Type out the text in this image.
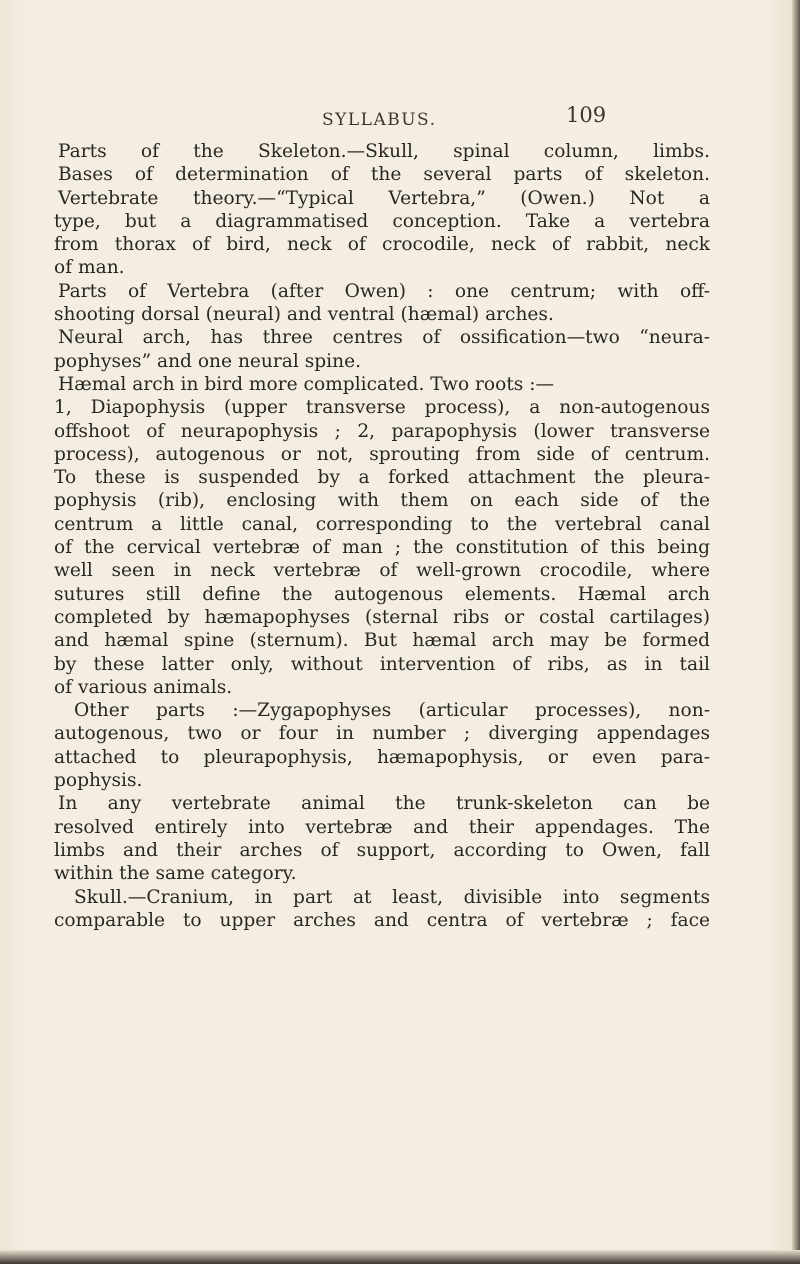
SYLLABUS.	109
Parts of the Skeleton.—Skull, spinal column, limbs.
Bases of determination of the several parts of skeleton.
Vertebrate theory.—“Typical Vertebra,” (Owen.) Not a
type, but a diagrammatised conception. Take a vertebra
from thorax of bird, neck of crocodile, neck of rabbit, neck
of man.
Parts of Vertebra (after Owen) : one centrum; with off-
shooting dorsal (neural) and ventral (hæmal) arches.
Neural arch, has three centres of ossification—two “neura-
pophyses” and one neural spine.
Hæmal arch in bird more complicated. Two roots :—
1, Diapophysis (upper transverse process), a non-autogenous
offshoot of neurapophysis ; 2, parapophysis (lower transverse
process), autogenous or not, sprouting from side of centrum.
To these is suspended by a forked attachment the pleura-
pophysis (rib), enclosing with them on each side of the
centrum a little canal, corresponding to the vertebral canal
of the cervical vertebræ of man ; the constitution of this being
well seen in neck vertebræ of well-grown crocodile, where
sutures still define the autogenous elements. Hæmal arch
completed by hæmapophyses (sternal ribs or costal cartilages)
and hæmal spine (sternum). But hæmal arch may be formed
by these latter only, without intervention of ribs, as in tail
of various animals.
Other parts :—Zygapophyses (articular processes), non-
autogenous, two or four in number ; diverging appendages
attached to pleurapophysis, hæmapophysis, or even para-
pophysis.
In any vertebrate animal the trunk-skeleton can be
resolved entirely into vertebræ and their appendages. The
limbs and their arches of support, according to Owen, fall
within the same category.
Skull.—Cranium, in part at least, divisible into segments
comparable to upper arches and centra of vertebræ ; face
